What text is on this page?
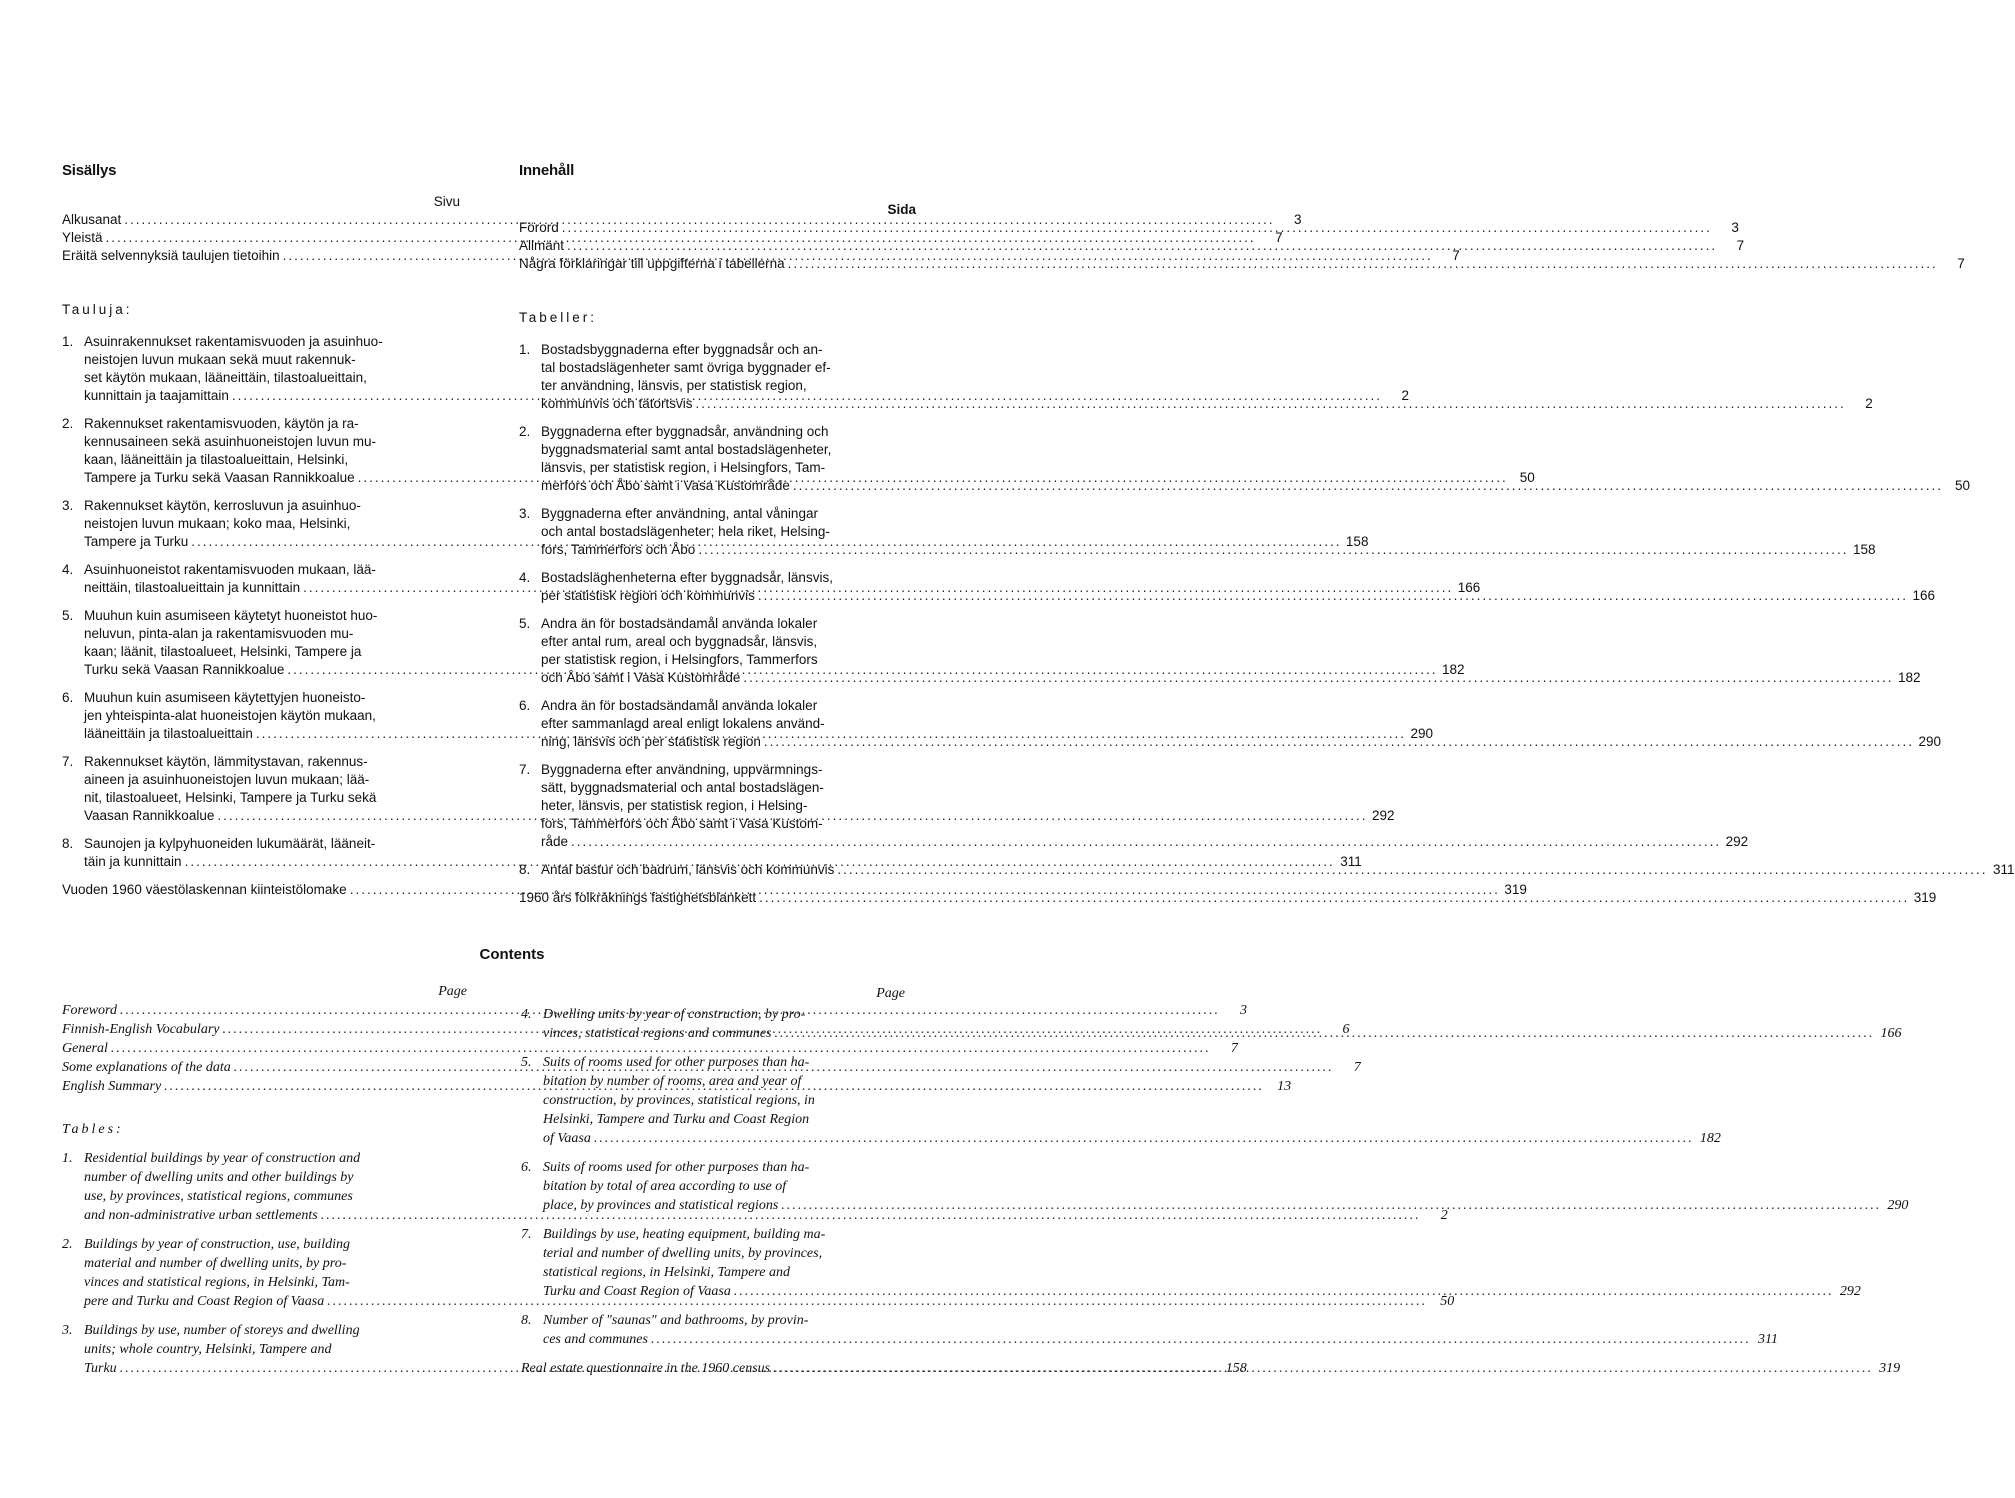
Sisällys
Sivu
Alkusanat .....	3
Yleistä .....	7
Eräitä selvennyksiä taulujen tietoihin .....	7
Tauluja:
1. Asuinrakennukset rakentamisvuoden ja asuinhuo-
neistojen luvun mukaan sekä muut rakennuk-
set käytön mukaan, lääneittäin, tilastoalueittain,
kunnittain ja taajamittain .....	2
2. Rakennukset rakentamisvuoden, käytön ja ra-
kennusaineen sekä asuinhuoneistojen luvun mu-
kaan, lääneittäin ja tilastoalueittain, Helsinki,
Tampere ja Turku sekä Vaasan Rannikkoalue .....	50
3. Rakennukset käytön, kerrosluvun ja asuinhuo-
neistojen luvun mukaan; koko maa, Helsinki,
Tampere ja Turku .....	158
4. Asuinhuoneistot rakentamisvuoden mukaan, lää-
neittäin, tilastoalueittain ja kunnittain .....	166
5. Muuhun kuin asumiseen käytetyt huoneistot huo-
neluvun, pinta-alan ja rakentamisvuoden mu-
kaan; läänit, tilastoalueet, Helsinki, Tampere ja
Turku sekä Vaasan Rannikkoalue .....	182
6. Muuhun kuin asumiseen käytettyjen huoneisto-
jen yhteispinta-alat huoneistojen käytön mukaan,
lääneittäin ja tilastoalueittain .....	290
7. Rakennukset käytön, lämmitystavan, rakennus-
aineen ja asuinhuoneistojen luvun mukaan; lää-
nit, tilastoalueet, Helsinki, Tampere ja Turku sekä
Vaasan Rannikkoalue .....	292
8. Saunojen ja kylpyhuoneiden lukumäärät, lääneit-
täin ja kunnittain .....	311
Vuoden 1960 väestölaskennan kiinteistölomake .....	319
Innehåll
Sida
Förord .....	3
Allmänt .....	7
Några förklaringar till uppgifterna i tabellerna .....	7
Tabeller:
1. Bostadsbyggnaderna efter byggnadsår och an-
tal bostadslägenheter samt övriga byggnader ef-
ter användning, länsvis, per statistisk region,
kommunvis och tätortsvis .....	2
2. Byggnaderna efter byggnadsår, användning och
byggnadsmaterial samt antal bostadslägenheter,
länsvis, per statistisk region, i Helsingfors, Tam-
merfors och Åbo samt i Vasa Kustområde .....	50
3. Byggnaderna efter användning, antal våningar
och antal bostadslägenheter; hela riket, Helsing-
fors, Tammerfors och Åbo .....	158
4. Bostadsläghenheterna efter byggnadsår, länsvis,
per statistisk region och kommunvis .....	166
5. Andra än för bostadsändamål använda lokaler
efter antal rum, areal och byggnadsår, länsvis,
per statistisk region, i Helsingfors, Tammerfors
och Åbo samt i Vasa Kustområde .....	182
6. Andra än för bostadsändamål använda lokaler
efter sammanlagd areal enligt lokalens använd-
ning, länsvis och per statistisk region .....	290
7. Byggnaderna efter användning, uppvärmnings-
sätt, byggnadsmaterial och antal bostadslägen-
heter, länsvis, per statistisk region, i Helsing-
fors, Tammerfors och Åbo samt i Vasa Kustom-
råde .....	292
8. Antal bastur och badrum, länsvis och kommunvis .....	311
1960 års folkräknings fastighetsblankett .....	319
Contents
Page
Foreword .....	3
Finnish-English Vocabulary .....	6
General .....	7
Some explanations of the data .....	7
English Summary .....	13
Tables:
1. Residential buildings by year of construction and
number of dwelling units and other buildings by
use, by provinces, statistical regions, communes
and non-administrative urban settlements .....	2
2. Buildings by year of construction, use, building
material and number of dwelling units, by pro-
vinces and statistical regions, in Helsinki, Tam-
pere and Turku and Coast Region of Vaasa .....	50
3. Buildings by use, number of storeys and dwelling
units; whole country, Helsinki, Tampere and
Turku .....	158
Page
4. Dwelling units by year of construction, by pro-
vinces, statistical regions and communes .....	166
5. Suits of rooms used for other purposes than ha-
bitation by number of rooms, area and year of
construction, by provinces, statistical regions, in
Helsinki, Tampere and Turku and Coast Region
of Vaasa .....	182
6. Suits of rooms used for other purposes than ha-
bitation by total of area according to use of
place, by provinces and statistical regions .....	290
7. Buildings by use, heating equipment, building ma-
terial and number of dwelling units, by provinces,
statistical regions, in Helsinki, Tampere and
Turku and Coast Region of Vaasa .....	292
8. Number of "saunas" and bathrooms, by provin-
ces and communes .....	311
Real estate questionnaire in the 1960 census .....	319
